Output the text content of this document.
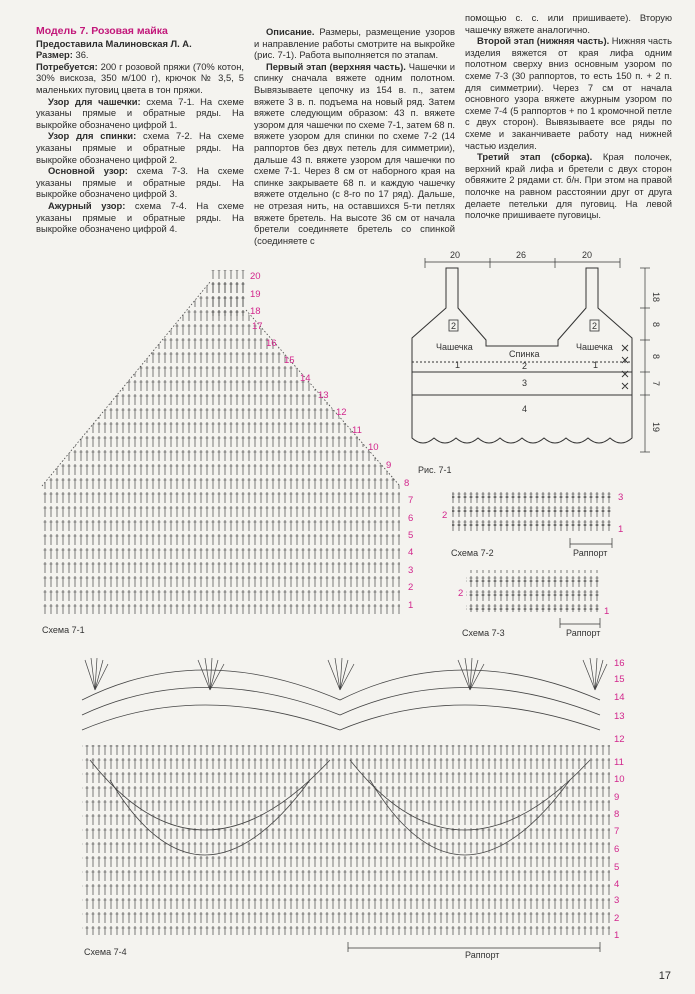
Модель 7. Розовая майка

Предоставила Малиновская Л. А.

Размер: 36.

Потребуется: 200 г розовой пряжи (70% котон, 30% вискоза, 350 м/100 г), крючок № 3,5, 5 маленьких пуговиц цвета в тон пряжи.

Узор для чашечки: схема 7-1. На схеме указаны прямые и обратные ряды. На выкройке обозначено цифрой 1.

Узор для спинки: схема 7-2. На схеме указаны прямые и обратные ряды. На выкройке обозначено цифрой 2.

Основной узор: схема 7-3. На схеме указаны прямые и обратные ряды. На выкройке обозначено цифрой 3.

Ажурный узор: схема 7-4. На схеме указаны прямые и обратные ряды. На выкройке обозначено цифрой 4.

Описание. Размеры, размещение узоров и направление работы смотрите на выкройке (рис. 7-1). Работа выполняется по этапам.

Первый этап (верхняя часть). Чашечки и спинку сначала вяжете одним полотном. Вывязываете цепочку из 154 в. п., затем вяжете 3 в. п. подъема на новый ряд. Затем вяжете следующим образом: 43 п. вяжете узором для чашечки по схеме 7-1, затем 68 п. вяжете узором для спинки по схеме 7-2 (14 раппортов без двух петель для симметрии), дальше 43 п. вяжете узором для чашечки по схеме 7-1. Через 8 см от наборного края на спинке закрываете 68 п. и каждую чашечку вяжете отдельно (с 8-го по 17 ряд). Дальше, не отрезая нить, на оставшихся 5-ти петлях вяжете бретель. На высоте 36 см от начала бретели соединяете бретель со спинкой (соединяете с

помощью с. с. или пришиваете). Вторую чашечку вяжете аналогично.

Второй этап (нижняя часть). Нижняя часть изделия вяжется от края лифа одним полотном сверху вниз основным узором по схеме 7-3 (30 раппортов, то есть 150 п. + 2 п. для симметрии). Через 7 см от начала основного узора вяжете ажурным узором по схеме 7-4 (5 раппортов + по 1 кромочной петле с двух сторон). Вывязываете все ряды по схеме и заканчиваете работу над нижней частью изделия.

Третий этап (сборка). Края полочек, верхний край лифа и бретели с двух сторон обвяжите 2 рядами ст. б/н. При этом на правой полочке на равном расстоянии друг от друга делаете петельки для пуговиц. На левой полочке пришиваете пуговицы.

20	26	20
18
8
8
7
19
2	2
Чашечка
Спинка
Чашечка
1	2	1
3
4
Рис. 7-1
Схема 7-1
1
2
3
4
5
6
7
8
9
10
11
12
13
14
15
16
17
18
19
20
Раппорт
Схема 7-2
1
2
3
Раппорт
Схема 7-3
1
2
Раппорт
Схема 7-4
1
2
3
4
5
6
7
8
9
10
11
12
13
14
15
16
17
